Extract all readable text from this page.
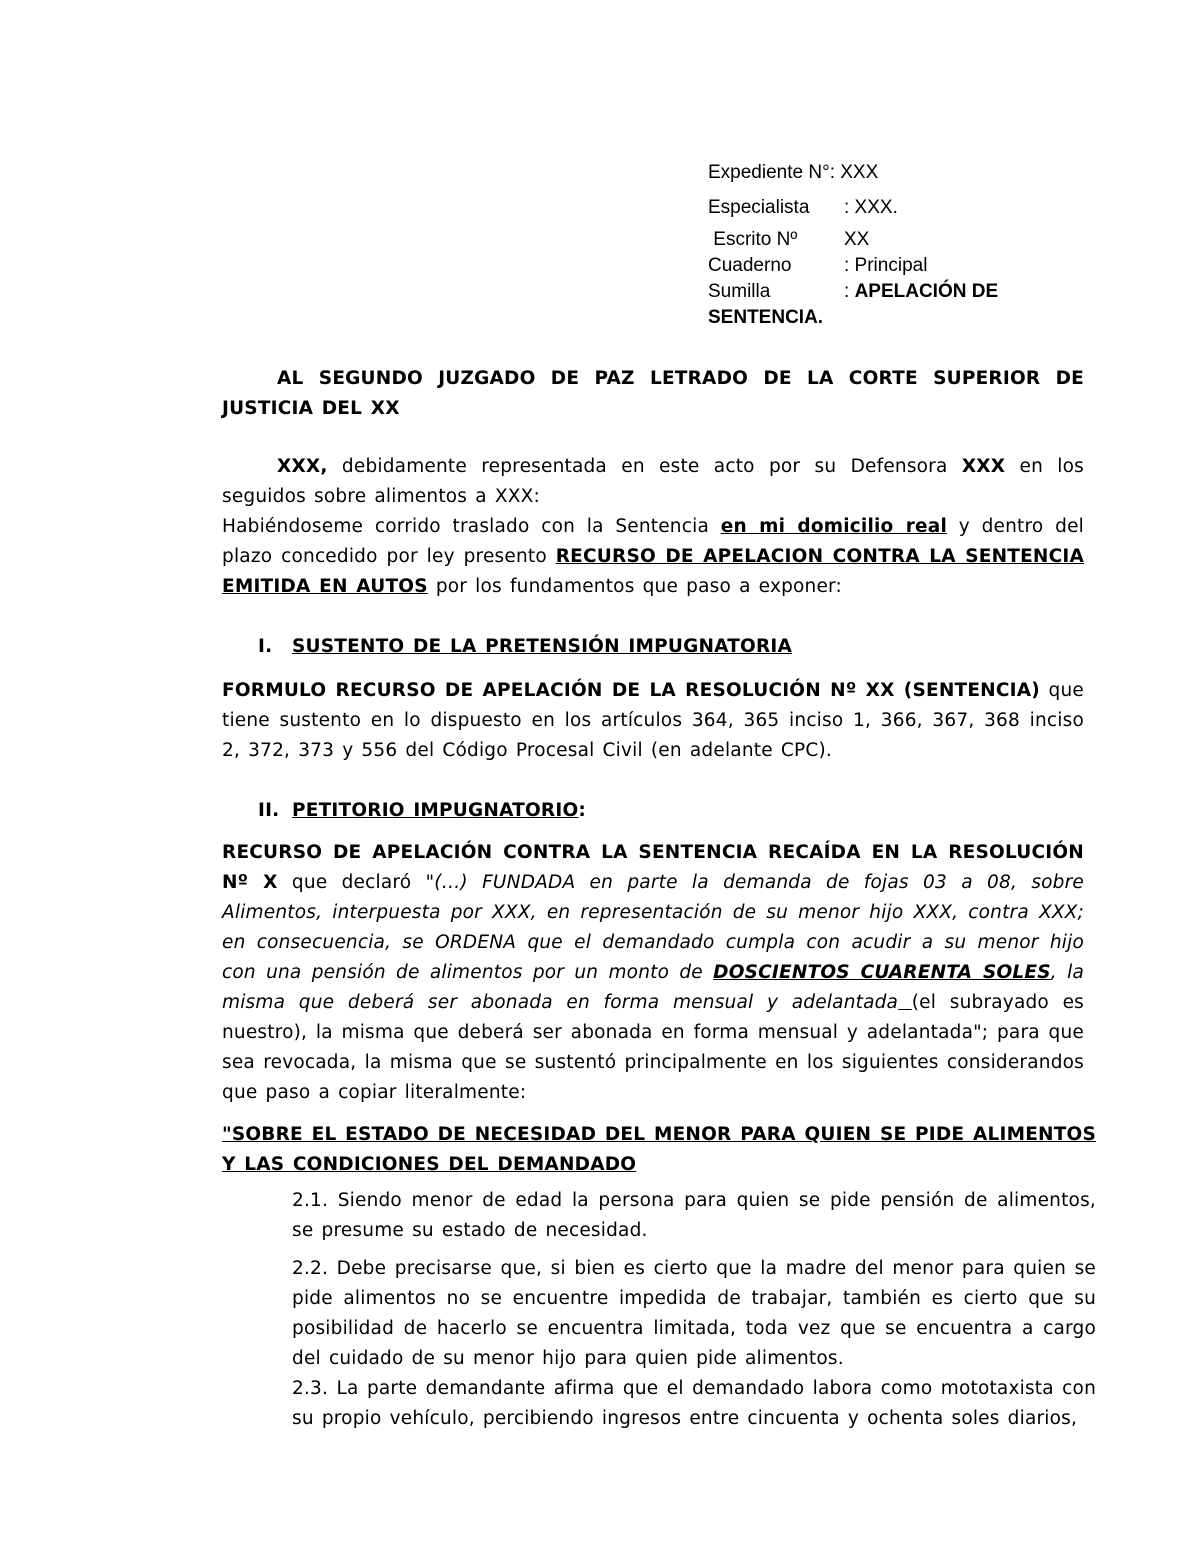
Expediente N°: XXX
Especialista : XXX.
Escrito Nº XX
Cuaderno	: Principal
Sumilla	: APELACIÓN DE
SENTENCIA.
AL SEGUNDO JUZGADO DE PAZ LETRADO DE LA CORTE SUPERIOR DE JUSTICIA DEL XX
XXX, debidamente representada en este acto por su Defensora XXX en los seguidos sobre alimentos a XXX:
Habiéndoseme corrido traslado con la Sentencia en mi domicilio real y dentro del plazo concedido por ley presento RECURSO DE APELACION CONTRA LA SENTENCIA EMITIDA EN AUTOS por los fundamentos que paso a exponer:
I. SUSTENTO DE LA PRETENSIÓN IMPUGNATORIA
FORMULO RECURSO DE APELACIÓN DE LA RESOLUCIÓN Nº XX (SENTENCIA) que tiene sustento en lo dispuesto en los artículos 364, 365 inciso 1, 366, 367, 368 inciso 2, 372, 373 y 556 del Código Procesal Civil (en adelante CPC).
II. PETITORIO IMPUGNATORIO:
RECURSO DE APELACIÓN CONTRA LA SENTENCIA RECAÍDA EN LA RESOLUCIÓN Nº X que declaró "(…) FUNDADA en parte la demanda de fojas 03 a 08, sobre Alimentos, interpuesta por XXX, en representación de su menor hijo XXX, contra XXX; en consecuencia, se ORDENA que el demandado cumpla con acudir a su menor hijo con una pensión de alimentos por un monto de DOSCIENTOS CUARENTA SOLES, la misma que deberá ser abonada en forma mensual y adelantada (el subrayado es nuestro), la misma que deberá ser abonada en forma mensual y adelantada"; para que sea revocada, la misma que se sustentó principalmente en los siguientes considerandos que paso a copiar literalmente:
"SOBRE EL ESTADO DE NECESIDAD DEL MENOR PARA QUIEN SE PIDE ALIMENTOS Y LAS CONDICIONES DEL DEMANDADO

2.1. Siendo menor de edad la persona para quien se pide pensión de alimentos, se presume su estado de necesidad.

2.2. Debe precisarse que, si bien es cierto que la madre del menor para quien se pide alimentos no se encuentre impedida de trabajar, también es cierto que su posibilidad de hacerlo se encuentra limitada, toda vez que se encuentra a cargo del cuidado de su menor hijo para quien pide alimentos.

2.3. La parte demandante afirma que el demandado labora como mototaxista con su propio vehículo, percibiendo ingresos entre cincuenta y ochenta soles diarios,
